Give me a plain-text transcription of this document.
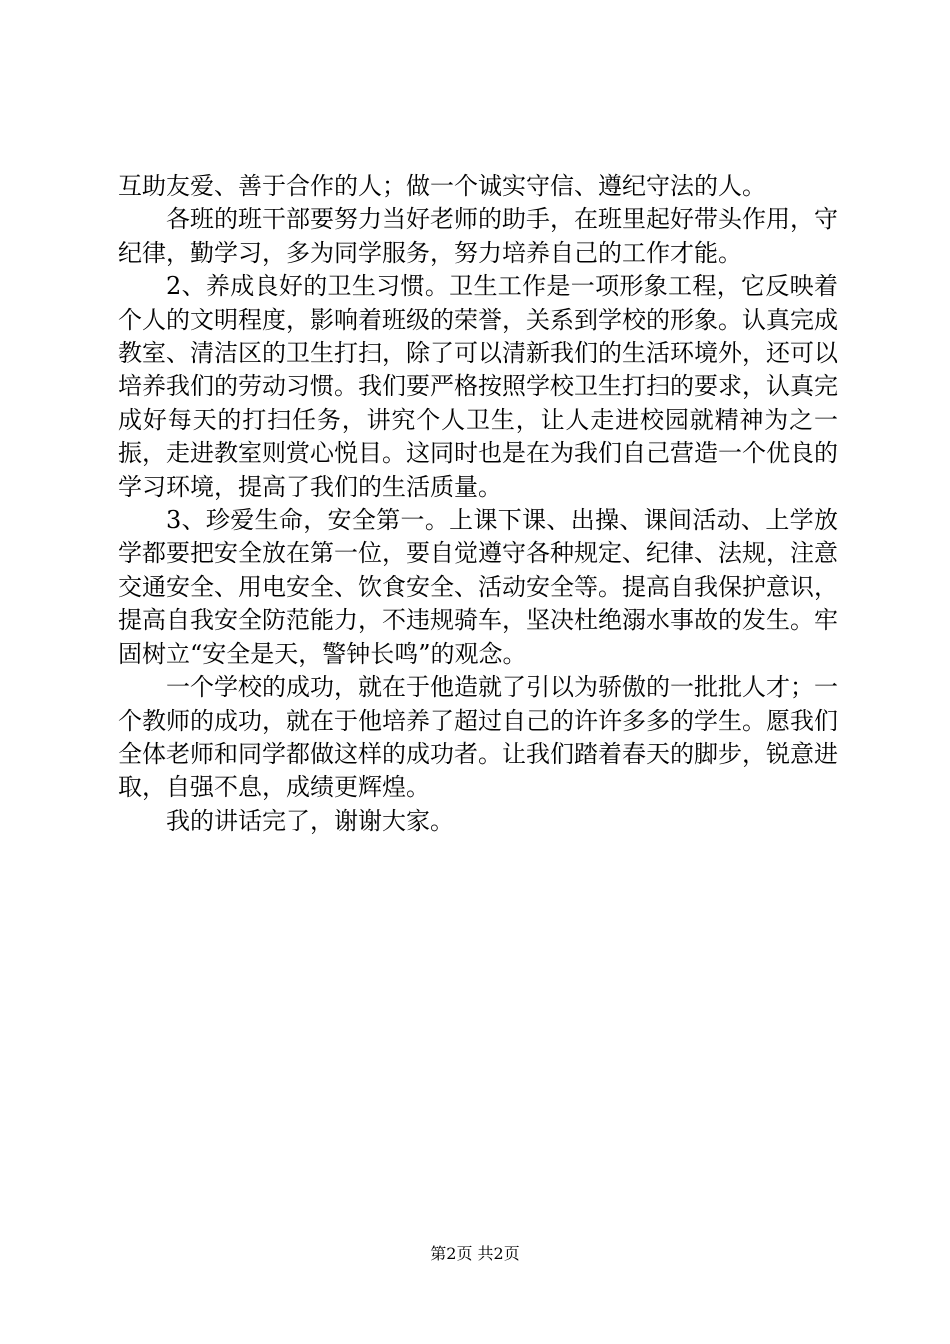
互助友爱、善于合作的人；做一个诚实守信、遵纪守法的人。

各班的班干部要努力当好老师的助手，在班里起好带头作用，守纪律，勤学习，多为同学服务，努力培养自己的工作才能。

2、养成良好的卫生习惯。卫生工作是一项形象工程，它反映着个人的文明程度，影响着班级的荣誉，关系到学校的形象。认真完成教室、清洁区的卫生打扫，除了可以清新我们的生活环境外，还可以培养我们的劳动习惯。我们要严格按照学校卫生打扫的要求，认真完成好每天的打扫任务，讲究个人卫生，让人走进校园就精神为之一振，走进教室则赏心悦目。这同时也是在为我们自己营造一个优良的学习环境，提高了我们的生活质量。

3、珍爱生命，安全第一。上课下课、出操、课间活动、上学放学都要把安全放在第一位，要自觉遵守各种规定、纪律、法规，注意交通安全、用电安全、饮食安全、活动安全等。提高自我保护意识，提高自我安全防范能力，不违规骑车，坚决杜绝溺水事故的发生。牢固树立“安全是天，警钟长鸣”的观念。

一个学校的成功，就在于他造就了引以为骄傲的一批批人才；一个教师的成功，就在于他培养了超过自己的许许多多的学生。愿我们全体老师和同学都做这样的成功者。让我们踏着春天的脚步，锐意进取，自强不息，成绩更辉煌。

我的讲话完了，谢谢大家。

第2页 共2页
